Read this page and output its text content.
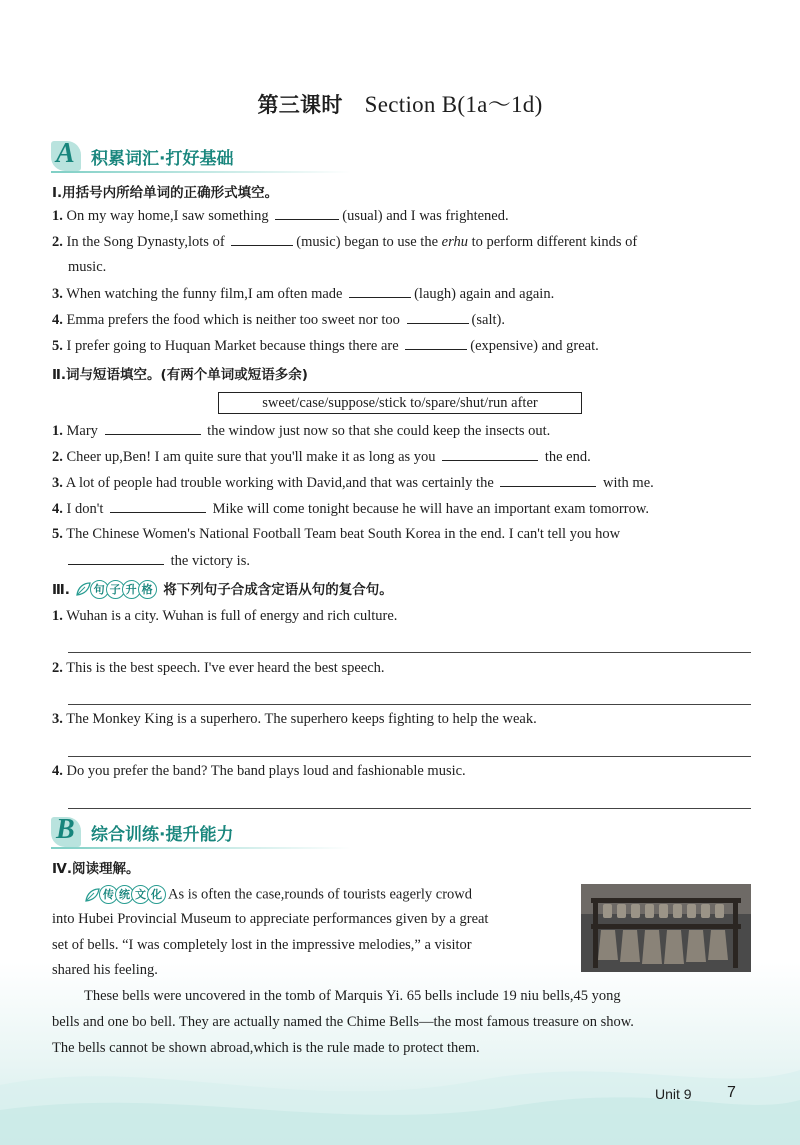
第三课时 Section B(1a～1d)
A 积累词汇·打好基础
Ⅰ.用括号内所给单词的正确形式填空。
1. On my way home,I saw something	(usual) and I was frightened.
2. In the Song Dynasty,lots of	(music) began to use the erhu to perform different kinds of
music.
3. When watching the funny film,I am often made	(laugh) again and again.
4. Emma prefers the food which is neither too sweet nor too	(salt).
5. I prefer going to Huquan Market because things there are	(expensive) and great.
Ⅱ.词与短语填空。(有两个单词或短语多余)
sweet/case/suppose/stick to/spare/shut/run after
1. Mary	the window just now so that she could keep the insects out.
2. Cheer up,Ben! I am quite sure that you'll make it as long as you	the end.
3. A lot of people had trouble working with David,and that was certainly the	with me.
4. I don't	Mike will come tonight because he will have an important exam tomorrow.
5. The Chinese Women's National Football Team beat South Korea in the end. I can't tell you how
the victory is.
Ⅲ. 句 子 升 格 将下列句子合成含定语从句的复合句。
1. Wuhan is a city. Wuhan is full of energy and rich culture.
2. This is the best speech. I've ever heard the best speech.
3. The Monkey King is a superhero. The superhero keeps fighting to help the weak.
4. Do you prefer the band? The band plays loud and fashionable music.
B 综合训练·提升能力
Ⅳ.阅读理解。
传 统 文 化 As is often the case,rounds of tourists eagerly crowd
into Hubei Provincial Museum to appreciate performances given by a great
set of bells. “I was completely lost in the impressive melodies,” a visitor
shared his feeling.
These bells were uncovered in the tomb of Marquis Yi. 65 bells include 19 niu bells,45 yong
bells and one bo bell. They are actually named the Chime Bells—the most famous treasure on show.
The bells cannot be shown abroad,which is the rule made to protect them.
Unit 9 7
